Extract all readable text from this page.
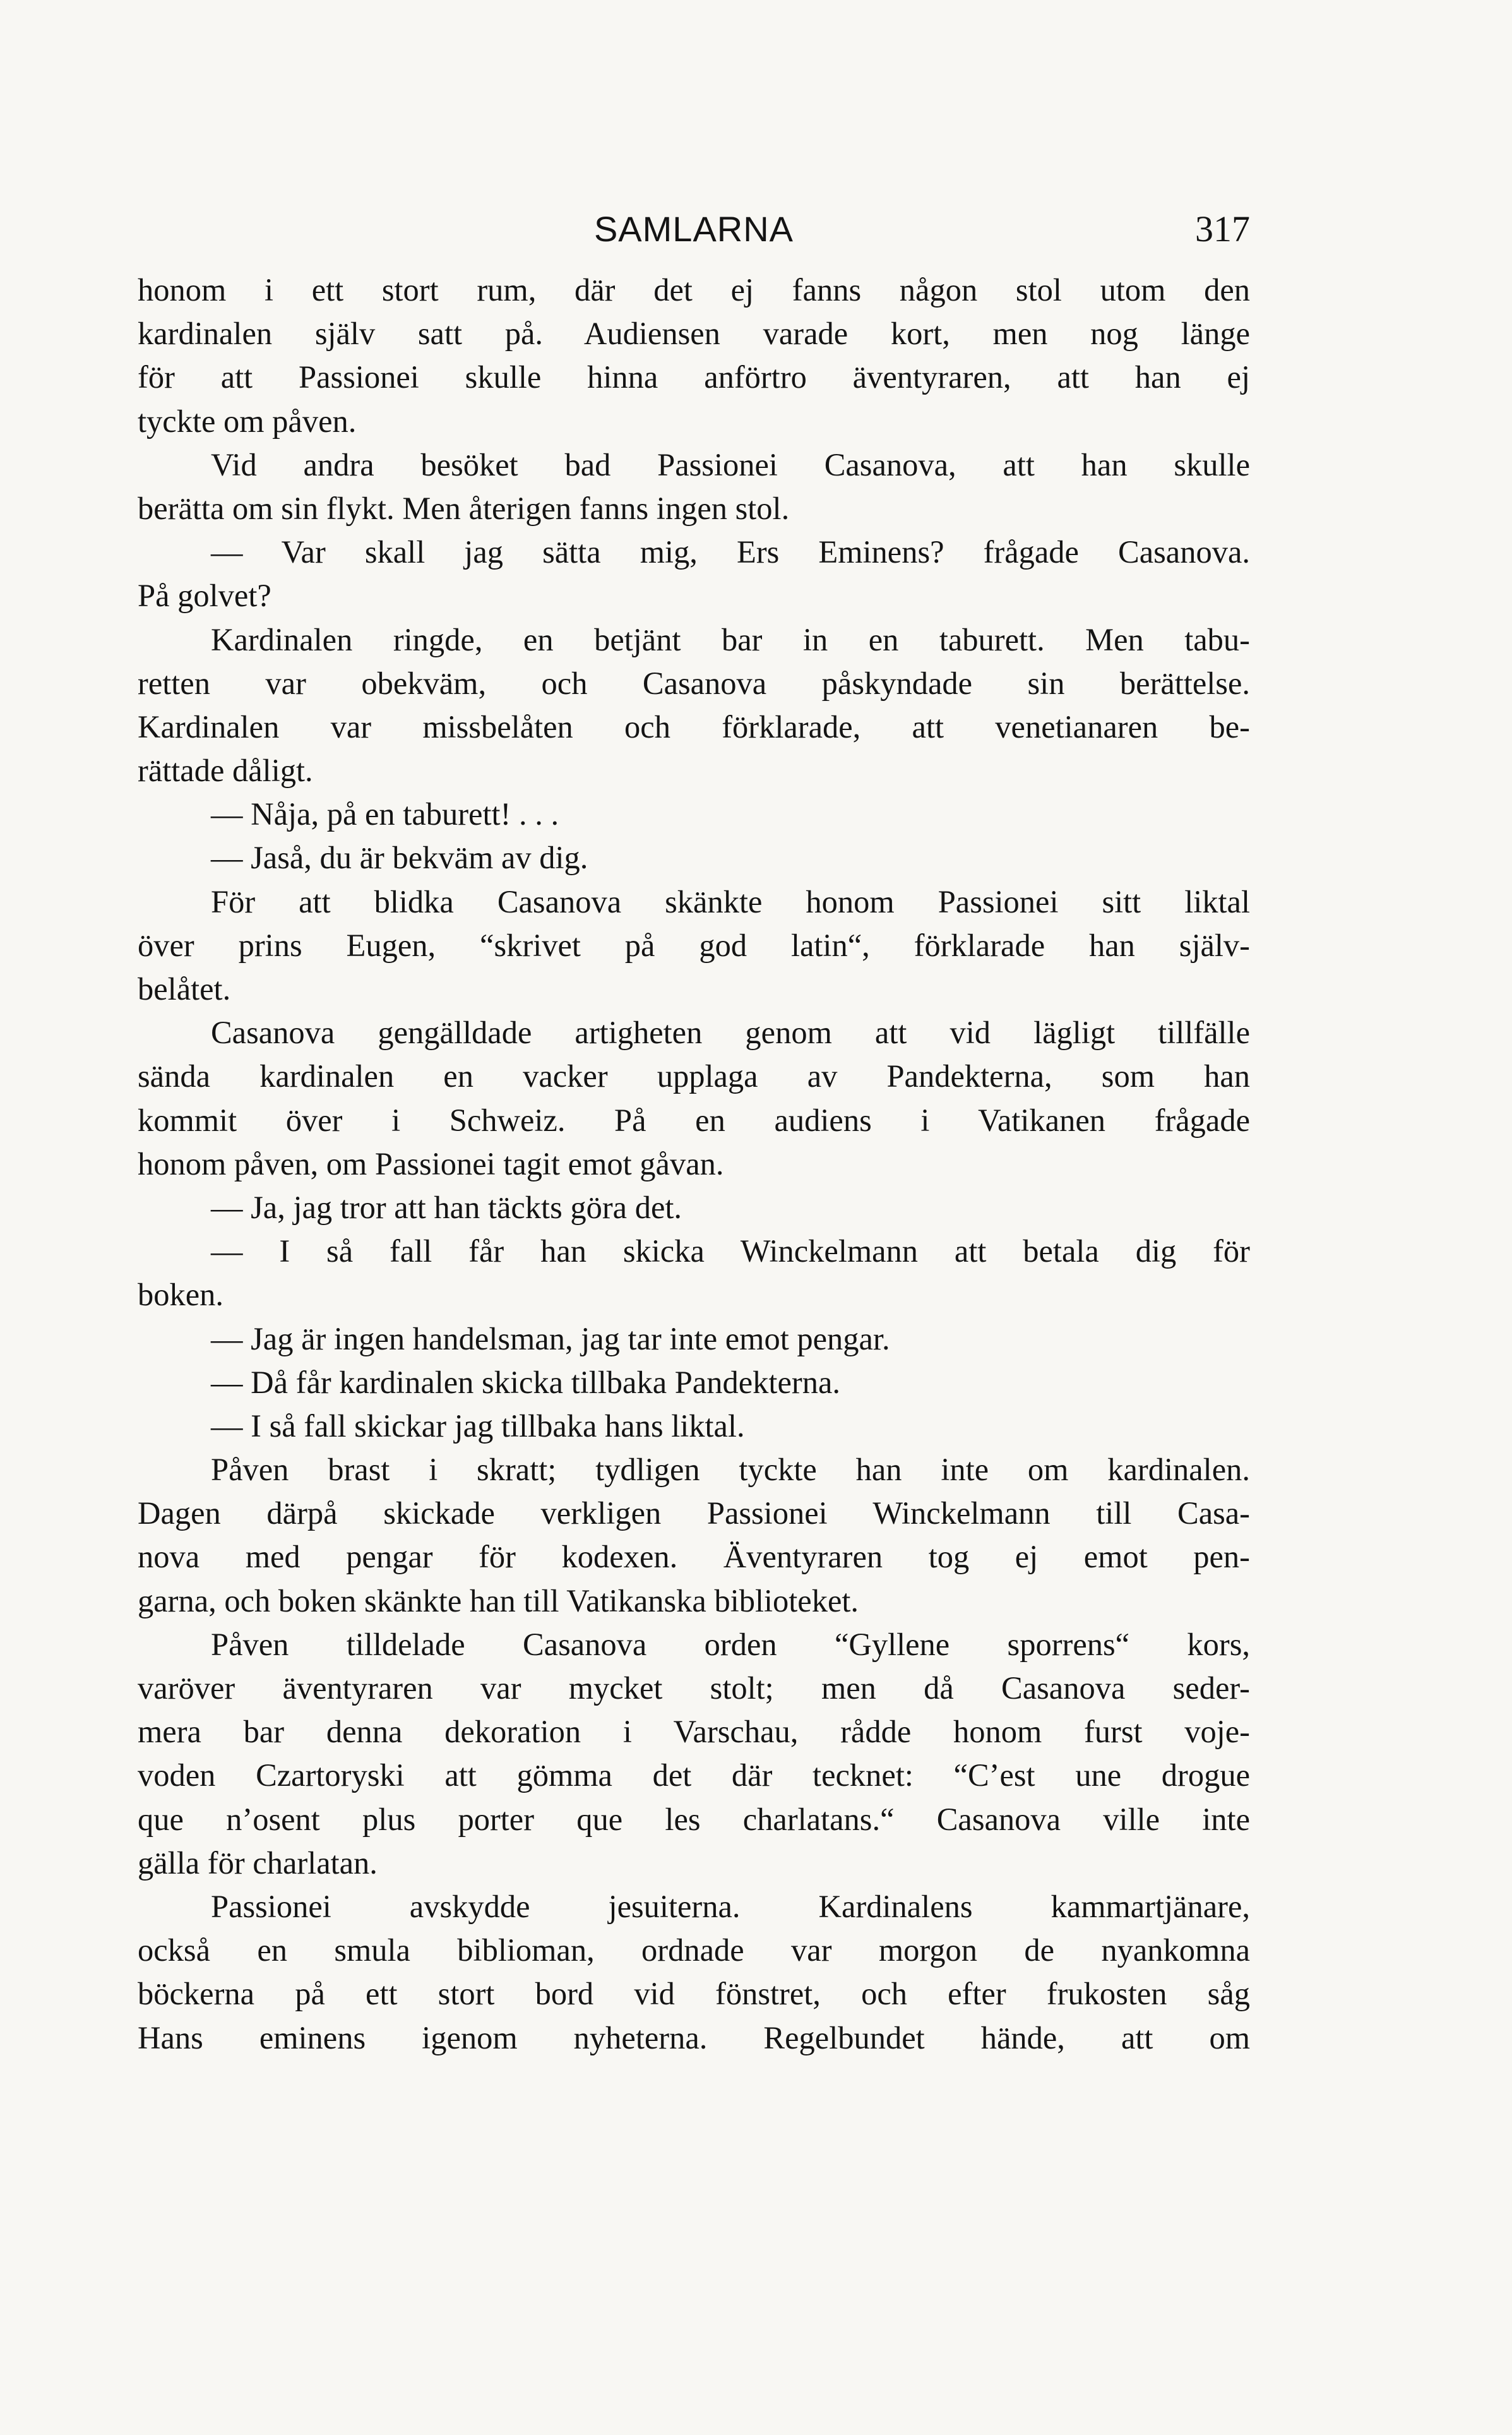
SAMLARNA	317
honom i ett stort rum, där det ej fanns någon stol utom den
kardinalen själv satt på. Audiensen varade kort, men nog länge
för att Passionei skulle hinna anförtro äventyraren, att han ej
tyckte om påven.
Vid andra besöket bad Passionei Casanova, att han skulle
berätta om sin flykt. Men återigen fanns ingen stol.
— Var skall jag sätta mig, Ers Eminens? frågade Casanova.
På golvet?
Kardinalen ringde, en betjänt bar in en taburett. Men tabu-
retten var obekväm, och Casanova påskyndade sin berättelse.
Kardinalen var missbelåten och förklarade, att venetianaren be-
rättade dåligt.
— Nåja, på en taburett! . . .
— Jaså, du är bekväm av dig.
För att blidka Casanova skänkte honom Passionei sitt liktal
över prins Eugen, “skrivet på god latin“, förklarade han själv-
belåtet.
Casanova gengälldade artigheten genom att vid lägligt tillfälle
sända kardinalen en vacker upplaga av Pandekterna, som han
kommit över i Schweiz. På en audiens i Vatikanen frågade
honom påven, om Passionei tagit emot gåvan.
— Ja, jag tror att han täckts göra det.
— I så fall får han skicka Winckelmann att betala dig för
boken.
— Jag är ingen handelsman, jag tar inte emot pengar.
— Då får kardinalen skicka tillbaka Pandekterna.
— I så fall skickar jag tillbaka hans liktal.
Påven brast i skratt; tydligen tyckte han inte om kardinalen.
Dagen därpå skickade verkligen Passionei Winckelmann till Casa-
nova med pengar för kodexen. Äventyraren tog ej emot pen-
garna, och boken skänkte han till Vatikanska biblioteket.
Påven tilldelade Casanova orden “Gyllene sporrens“ kors,
varöver äventyraren var mycket stolt; men då Casanova seder-
mera bar denna dekoration i Varschau, rådde honom furst voje-
voden Czartoryski att gömma det där tecknet: “C’est une drogue
que n’osent plus porter que les charlatans.“ Casanova ville inte
gälla för charlatan.
Passionei avskydde jesuiterna. Kardinalens kammartjänare,
också en smula biblioman, ordnade var morgon de nyankomna
böckerna på ett stort bord vid fönstret, och efter frukosten såg
Hans eminens igenom nyheterna. Regelbundet hände, att om
